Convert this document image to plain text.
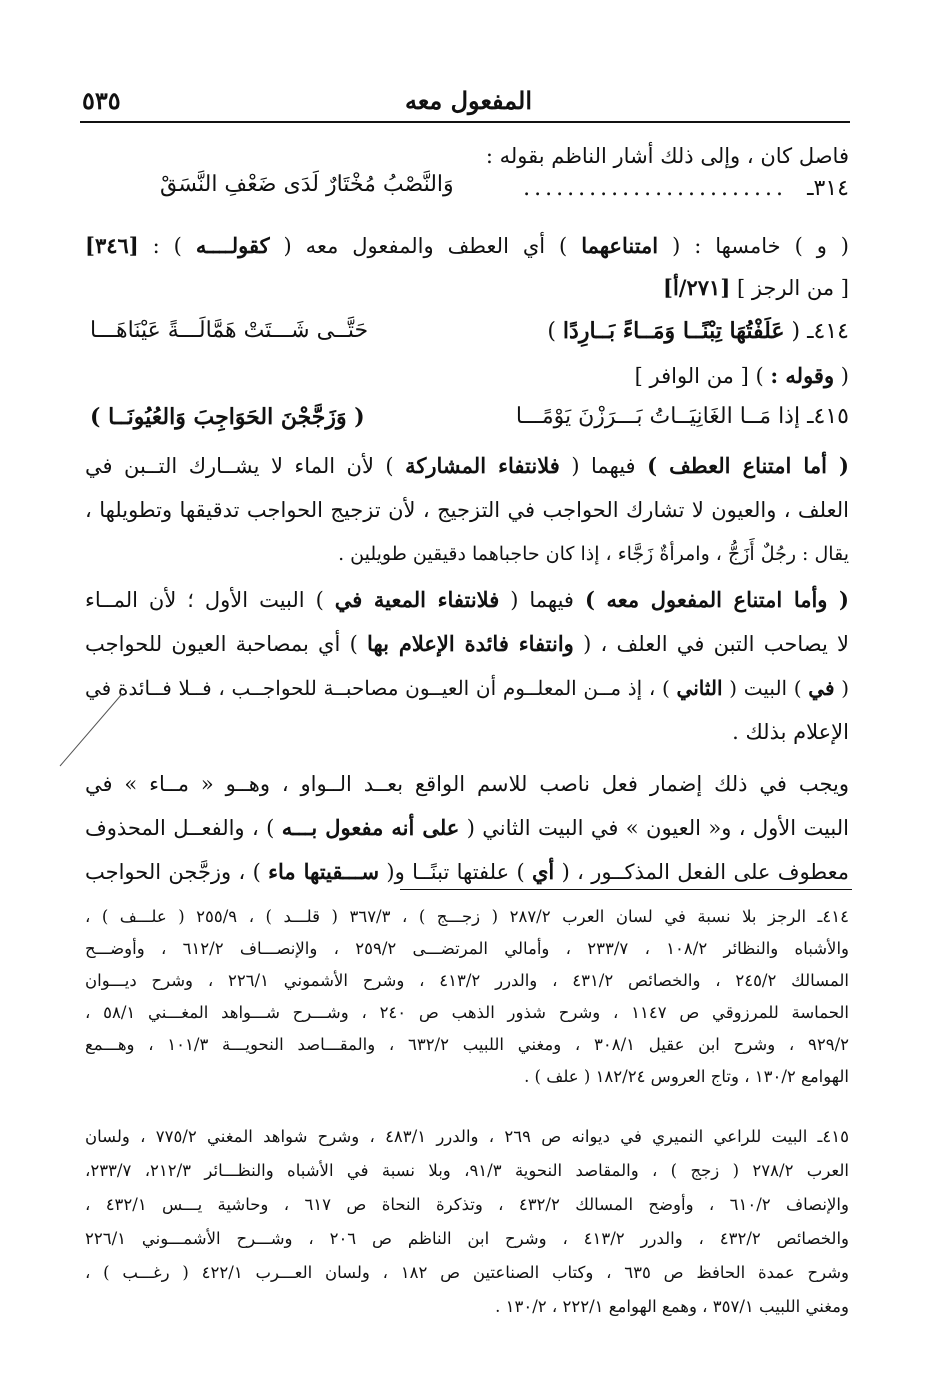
المفعول معه
٥٣٥
فاصل كان ، وإلى ذلك أشار الناظم بقوله :
٣١٤ـ
........................
وَالنَّصْبُ مُخْتَارٌ لَدَى ضَعْفِ النَّسَقْ
( و ) خامسها : ( امتناعهما ) أي العطف والمفعول معه ( كقولــــه ) : [٣٤٦]
[ من الرجز ] [٢٧١/أ]
٤١٤ـ ( عَلَفْتُهَا تِبْنًــا وَمَــاءً بَــارِدًا )
حَتَّــى شَـــتَتْ هَمَّالَـــةً عَيْنَاهَـــا
( وقوله : ) [ من الوافر ]
٤١٥ـ إذا مَــا الغَانِيَــاتُ بَـــرَزْنَ يَوْمًـــا
( وَزَجَّجْنَ الحَوَاجِبَ وَالعُيُونَــا )
( أما امتناع العطف ) فيهما ( فلانتفاء المشاركة ) لأن الماء لا يشــارك التــبن في
العلف ، والعيون لا تشارك الحواجب في التزجيج ، لأن تزجيج الحواجب تدقيقها وتطويلها ،
يقال : رجُلٌ أَزَجُّ ، وامرأةٌ زَجَّاء ، إذا كان حاجباهما دقيقين طويلين .
( وأما امتناع المفعول معه ) فيهما ( فلانتفاء المعية في ) البيت الأول ؛ لأن المــاء
لا يصاحب التبن في العلف ، ( وانتفاء فائدة الإعلام بها ) أي بمصاحبة العيون للحواجب
( في ) البيت ( الثاني ) ، إذ مــن المعلــوم أن العيــون مصاحبــة للحواجــب ، فــلا فــائدة في
الإعلام بذلك .
ويجب في ذلك إضمار فعل ناصب للاسم الواقع بعــد الــواو ، وهــو « مــاء » في
البيت الأول ، و« العيون » في البيت الثاني ( على أنه مفعول بـــه ) ، والفعــل المحذوف
معطوف على الفعل المذكــور ، ( أي ) علفتها تبنًــا و( ســـقيتها ماء ) ، وزجَّجن الحواجب
٤١٤ـ الرجز بلا نسبة في لسان العرب ٢٨٧/٢ ( زجـــج ) ، ٣٦٧/٣ ( قلـــد ) ، ٢٥٥/٩ ( علـــف ) ،
والأشباه والنظائر ١٠٨/٢ ، ٢٣٣/٧ ، وأمالي المرتضـــى ٢٥٩/٢ ، والإنصـــاف ٦١٢/٢ ، وأوضـــح
المسالك ٢٤٥/٢ ، والخصائص ٤٣١/٢ ، والدرر ٤١٣/٢ ، وشرح الأشموني ٢٢٦/١ ، وشرح ديـــوان
الحماسة للمرزوقي ص ١١٤٧ ، وشرح شذور الذهب ص ٢٤٠ ، وشـــرح شـــواهد المغـــني ٥٨/١ ،
٩٢٩/٢ ، وشرح ابن عقيل ٣٠٨/١ ، ومغني اللبيب ٦٣٢/٢ ، والمقـــاصد النحويـــة ١٠١/٣ ، وهـــمع
الهوامع ١٣٠/٢ ، وتاج العروس ١٨٢/٢٤ ( علف ) .
٤١٥ـ البيت للراعي النميري في ديوانه ص ٢٦٩ ، والدرر ٤٨٣/١ ، وشرح شواهد المغني ٧٧٥/٢ ، ولسان
العرب ٢٧٨/٢ ( زجج ) ، والمقاصد النحوية ٩١/٣، وبلا نسبة في الأشباه والنظـــائر ٢١٢/٣، ٢٣٣/٧،
والإنصاف ٦١٠/٢ ، وأوضح المسالك ٤٣٢/٢ ، وتذكرة النحاة ص ٦١٧ ، وحاشية يـــس ٤٣٢/١ ،
والخصائص ٤٣٢/٢ ، والدرر ٤١٣/٢ ، وشرح ابن الناظم ص ٢٠٦ ، وشـــرح الأشمـــوني ٢٢٦/١
وشرح عمدة الحافظ ص ٦٣٥ ، وكتاب الصناعتين ص ١٨٢ ، ولسان العـــرب ٤٢٢/١ ( رغـــب ) ،
ومغني اللبيب ٣٥٧/١ ، وهمع الهوامع ٢٢٢/١ ، ١٣٠/٢ .
